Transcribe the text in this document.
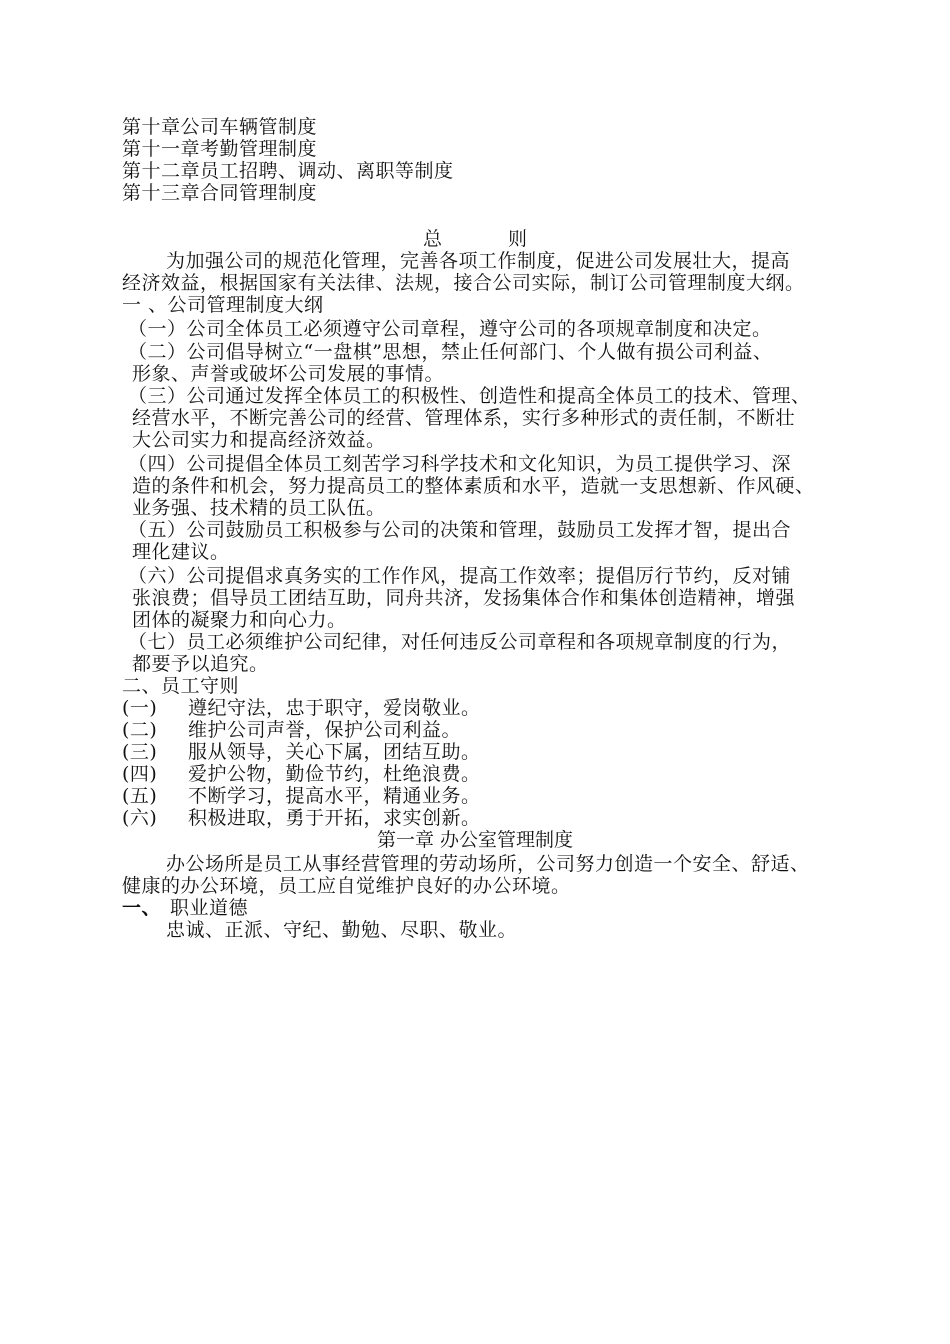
第十章公司车辆管制度
第十一章考勤管理制度
第十二章员工招聘、调动、离职等制度
第十三章合同管理制度
总 则
为加强公司的规范化管理，完善各项工作制度，促进公司发展壮大，提高
经济效益，根据国家有关法律、法规，接合公司实际，制订公司管理制度大纲。
一 、公司管理制度大纲
（一）公司全体员工必须遵守公司章程，遵守公司的各项规章制度和决定。
（二）公司倡导树立“一盘棋”思想，禁止任何部门、个人做有损公司利益、
形象、声誉或破坏公司发展的事情。
（三）公司通过发挥全体员工的积极性、创造性和提高全体员工的技术、管理、
经营水平，不断完善公司的经营、管理体系，实行多种形式的责任制，不断壮
大公司实力和提高经济效益。
（四）公司提倡全体员工刻苦学习科学技术和文化知识，为员工提供学习、深
造的条件和机会，努力提高员工的整体素质和水平，造就一支思想新、作风硬、
业务强、技术精的员工队伍。
（五）公司鼓励员工积极参与公司的决策和管理，鼓励员工发挥才智，提出合
理化建议。
（六）公司提倡求真务实的工作作风，提高工作效率；提倡厉行节约，反对铺
张浪费；倡导员工团结互助，同舟共济，发扬集体合作和集体创造精神，增强
团体的凝聚力和向心力。
（七）员工必须维护公司纪律，对任何违反公司章程和各项规章制度的行为，
都要予以追究。
二、员工守则
(一) 遵纪守法，忠于职守，爱岗敬业。
(二) 维护公司声誉，保护公司利益。
(三) 服从领导，关心下属，团结互助。
(四) 爱护公物，勤俭节约，杜绝浪费。
(五) 不断学习，提高水平，精通业务。
(六) 积极进取，勇于开拓，求实创新。
第一章 办公室管理制度
办公场所是员工从事经营管理的劳动场所，公司努力创造一个安全、舒适、
健康的办公环境，员工应自觉维护良好的办公环境。
一、 职业道德
忠诚、正派、守纪、勤勉、尽职、敬业。
